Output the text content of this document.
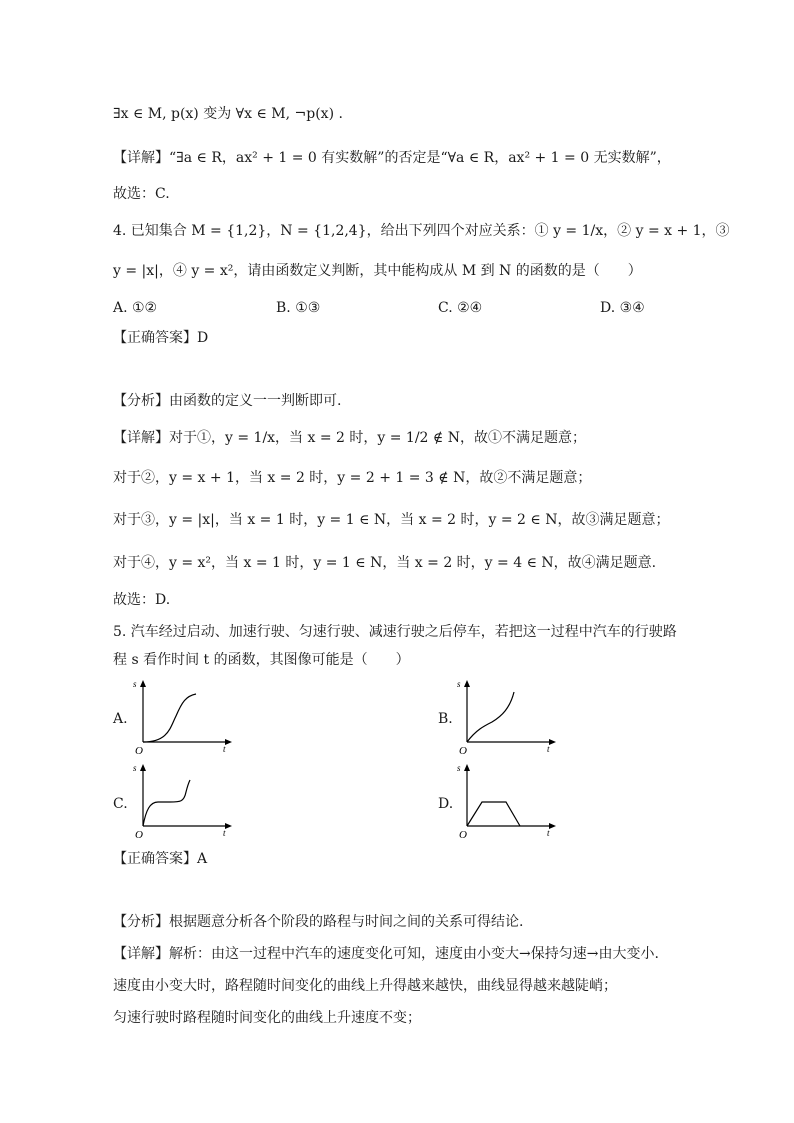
∃x ∈ M, p(x) 变为 ∀x ∈ M, ¬p(x) .
【详解】“∃a ∈ R，ax² + 1 = 0 有实数解”的否定是“∀a ∈ R，ax² + 1 = 0 无实数解”，
故选：C.
4. 已知集合 M = {1,2}，N = {1,2,4}，给出下列四个对应关系：① y = 1/x，② y = x + 1，③
y = |x|，④ y = x²，请由函数定义判断，其中能构成从 M 到 N 的函数的是（　　）
A. ①②	B. ①③	C. ②④	D. ③④
【正确答案】D
【分析】由函数的定义一一判断即可.
【详解】对于①，y = 1/x，当 x = 2 时，y = 1/2 ∉ N，故①不满足题意；
对于②，y = x + 1，当 x = 2 时，y = 2 + 1 = 3 ∉ N，故②不满足题意；
对于③，y = |x|，当 x = 1 时，y = 1 ∈ N，当 x = 2 时，y = 2 ∈ N，故③满足题意；
对于④，y = x²，当 x = 1 时，y = 1 ∈ N，当 x = 2 时，y = 4 ∈ N，故④满足题意.
故选：D.
5. 汽车经过启动、加速行驶、匀速行驶、减速行驶之后停车，若把这一过程中汽车的行驶路
程 s 看作时间 t 的函数，其图像可能是（　　）
A.	B.
C.	D.
s
O	t
s
O	t
s
O	t
s
O	t
【正确答案】A
【分析】根据题意分析各个阶段的路程与时间之间的关系可得结论.
【详解】解析：由这一过程中汽车的速度变化可知，速度由小变大→保持匀速→由大变小.
速度由小变大时，路程随时间变化的曲线上升得越来越快，曲线显得越来越陡峭；
匀速行驶时路程随时间变化的曲线上升速度不变；
